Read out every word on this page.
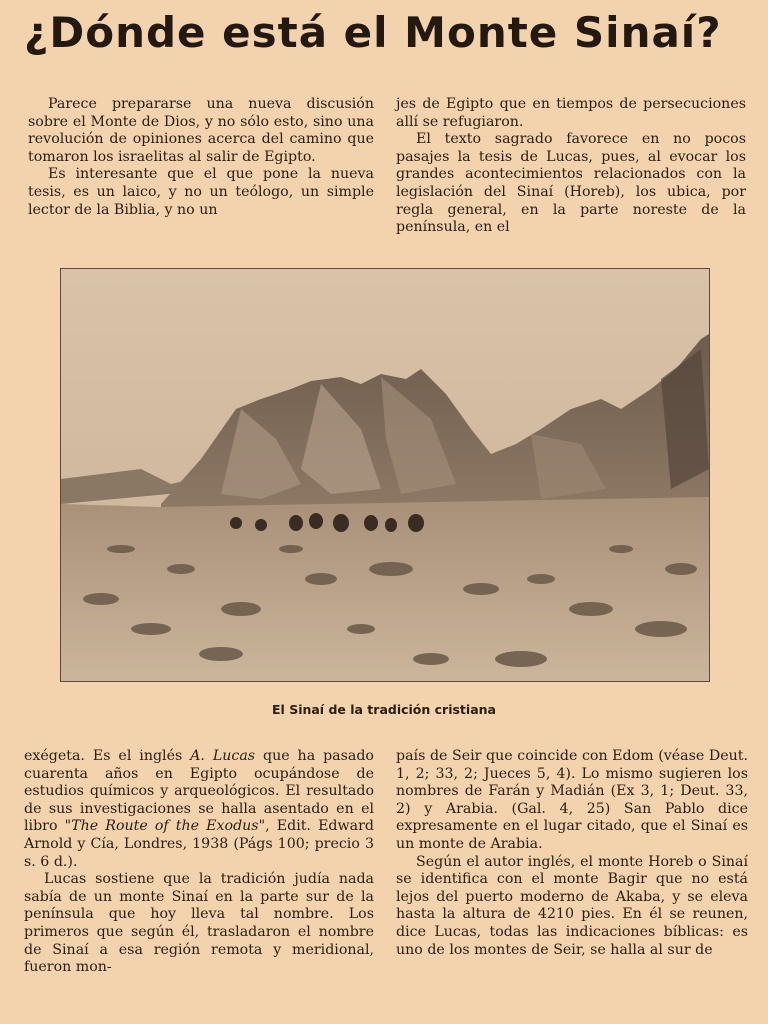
¿Dónde está el Monte Sinaí?

Parece prepararse una nueva discusión sobre el Monte de Dios, y no sólo esto, sino una revolución de opiniones acerca del camino que tomaron los israelitas al salir de Egipto.

Es interesante que el que pone la nueva tesis, es un laico, y no un teólogo, un simple lector de la Biblia, y no un

jes de Egipto que en tiempos de persecuciones allí se refugiaron.

El texto sagrado favorece en no pocos pasajes la tesis de Lucas, pues, al evocar los grandes acontecimientos relacionados con la legislación del Sinaí (Horeb), los ubica, por regla general, en la parte noreste de la península, en el

El Sinaí de la tradición cristiana

exégeta. Es el inglés A. Lucas que ha pasado cuarenta años en Egipto ocupándose de estudios químicos y arqueológicos. El resultado de sus investigaciones se halla asentado en el libro "The Route of the Exodus", Edit. Edward Arnold y Cía, Londres, 1938 (Págs 100; precio 3 s. 6 d.).

Lucas sostiene que la tradición judía nada sabía de un monte Sinaí en la parte sur de la península que hoy lleva tal nombre. Los primeros que según él, trasladaron el nombre de Sinaí a esa región remota y meridional, fueron mon-

país de Seir que coincide con Edom (véase Deut. 1, 2; 33, 2; Jueces 5, 4). Lo mismo sugieren los nombres de Farán y Madián (Ex 3, 1; Deut. 33, 2) y Arabia. (Gal. 4, 25) San Pablo dice expresamente en el lugar citado, que el Sinaí es un monte de Arabia.

Según el autor inglés, el monte Horeb o Sinaí se identifica con el monte Bagir que no está lejos del puerto moderno de Akaba, y se eleva hasta la altura de 4210 pies. En él se reunen, dice Lucas, todas las indicaciones bíblicas: es uno de los montes de Seir, se halla al sur de
